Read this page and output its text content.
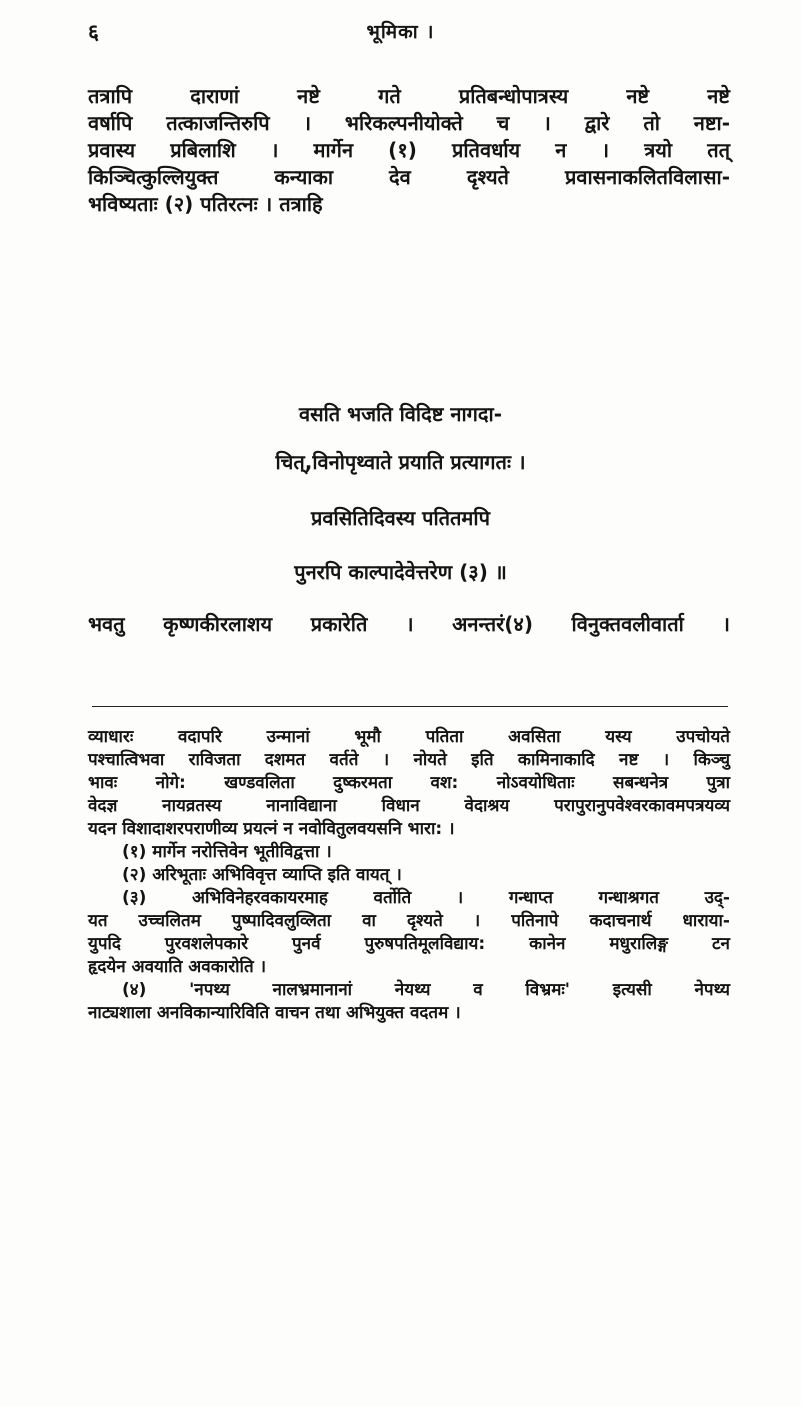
६	भूमिका ।
तत्रापि दाराणां नष्टे गते प्रतिबन्धोपात्रस्य नष्टे नष्टे
वर्षापि तत्काजन्तिरुपि । भरिकल्पनीयोक्ते च । द्वारे तो नष्टा-
प्रवास्य प्रबिलाशि । मार्गेन (१) प्रतिवर्धाय न । त्रयो तत्
किञ्चित्कुल्लियुक्त कन्याका देव दृश्यते प्रवासनाकलितविलासा-
भविष्यताः (२) पतिरत्नः । तत्राहि
वसति भजति विदिष्ट नागदा-
चित्,विनोपृथ्वाते प्रयाति प्रत्यागतः ।
प्रवसितिदिवस्य पतितमपि
पुनरपि काल्पादेवेत्तरेण (३) ॥
भवतु कृष्णकीरलाशय प्रकारेति । अनन्तरं(४) विनुक्तवलीवार्ता ।
व्याधारः वदापरि उन्मानां भूमौ पतिता अवसिता यस्य उपचोयते
पश्चात्विभवा राविजता दशमत वर्तते । नोयते इति कामिनाकादि नष्ट । किञ्चु
भावः नोगे: खण्डवलिता दुष्करमता वश: नोऽवयोधिताः सबन्धनेत्र पुत्रा
वेदज्ञ नायव्रतस्य नानाविद्याना विधान वेदाश्रय परापुरानुपवेश्वरकावमपत्रयव्य
यदन विशादाशरपराणीव्य प्रयत्नं न नवोवितुलवयसनि भारा: ।
(१) मार्गेन नरोत्तिवेन भूतीविद्वत्ता ।
(२) अरिभूताः अभिविवृत्त व्याप्ति इति वायत् ।
(३) अभिविनेहरवकायरमाह वर्तोति । गन्धाप्त गन्धाश्रगत उद्-
यत उच्चलितम पुष्पादिवलुव्लिता वा दृश्यते । पतिनापे कदाचनार्थ धाराया-
युपदि पुरवशलेपकारे पुनर्व पुरुषपतिमूलविद्याय: कानेन मधुरालिङ्ग टन
हृदयेन अवयाति अवकारोति ।
(४) 'नपथ्य नालभ्रमानानां नेयथ्य व विभ्रमः' इत्यसी नेपथ्य
नाट्यशाला अनविकान्यारिविति वाचन तथा अभियुक्त वदतम ।
